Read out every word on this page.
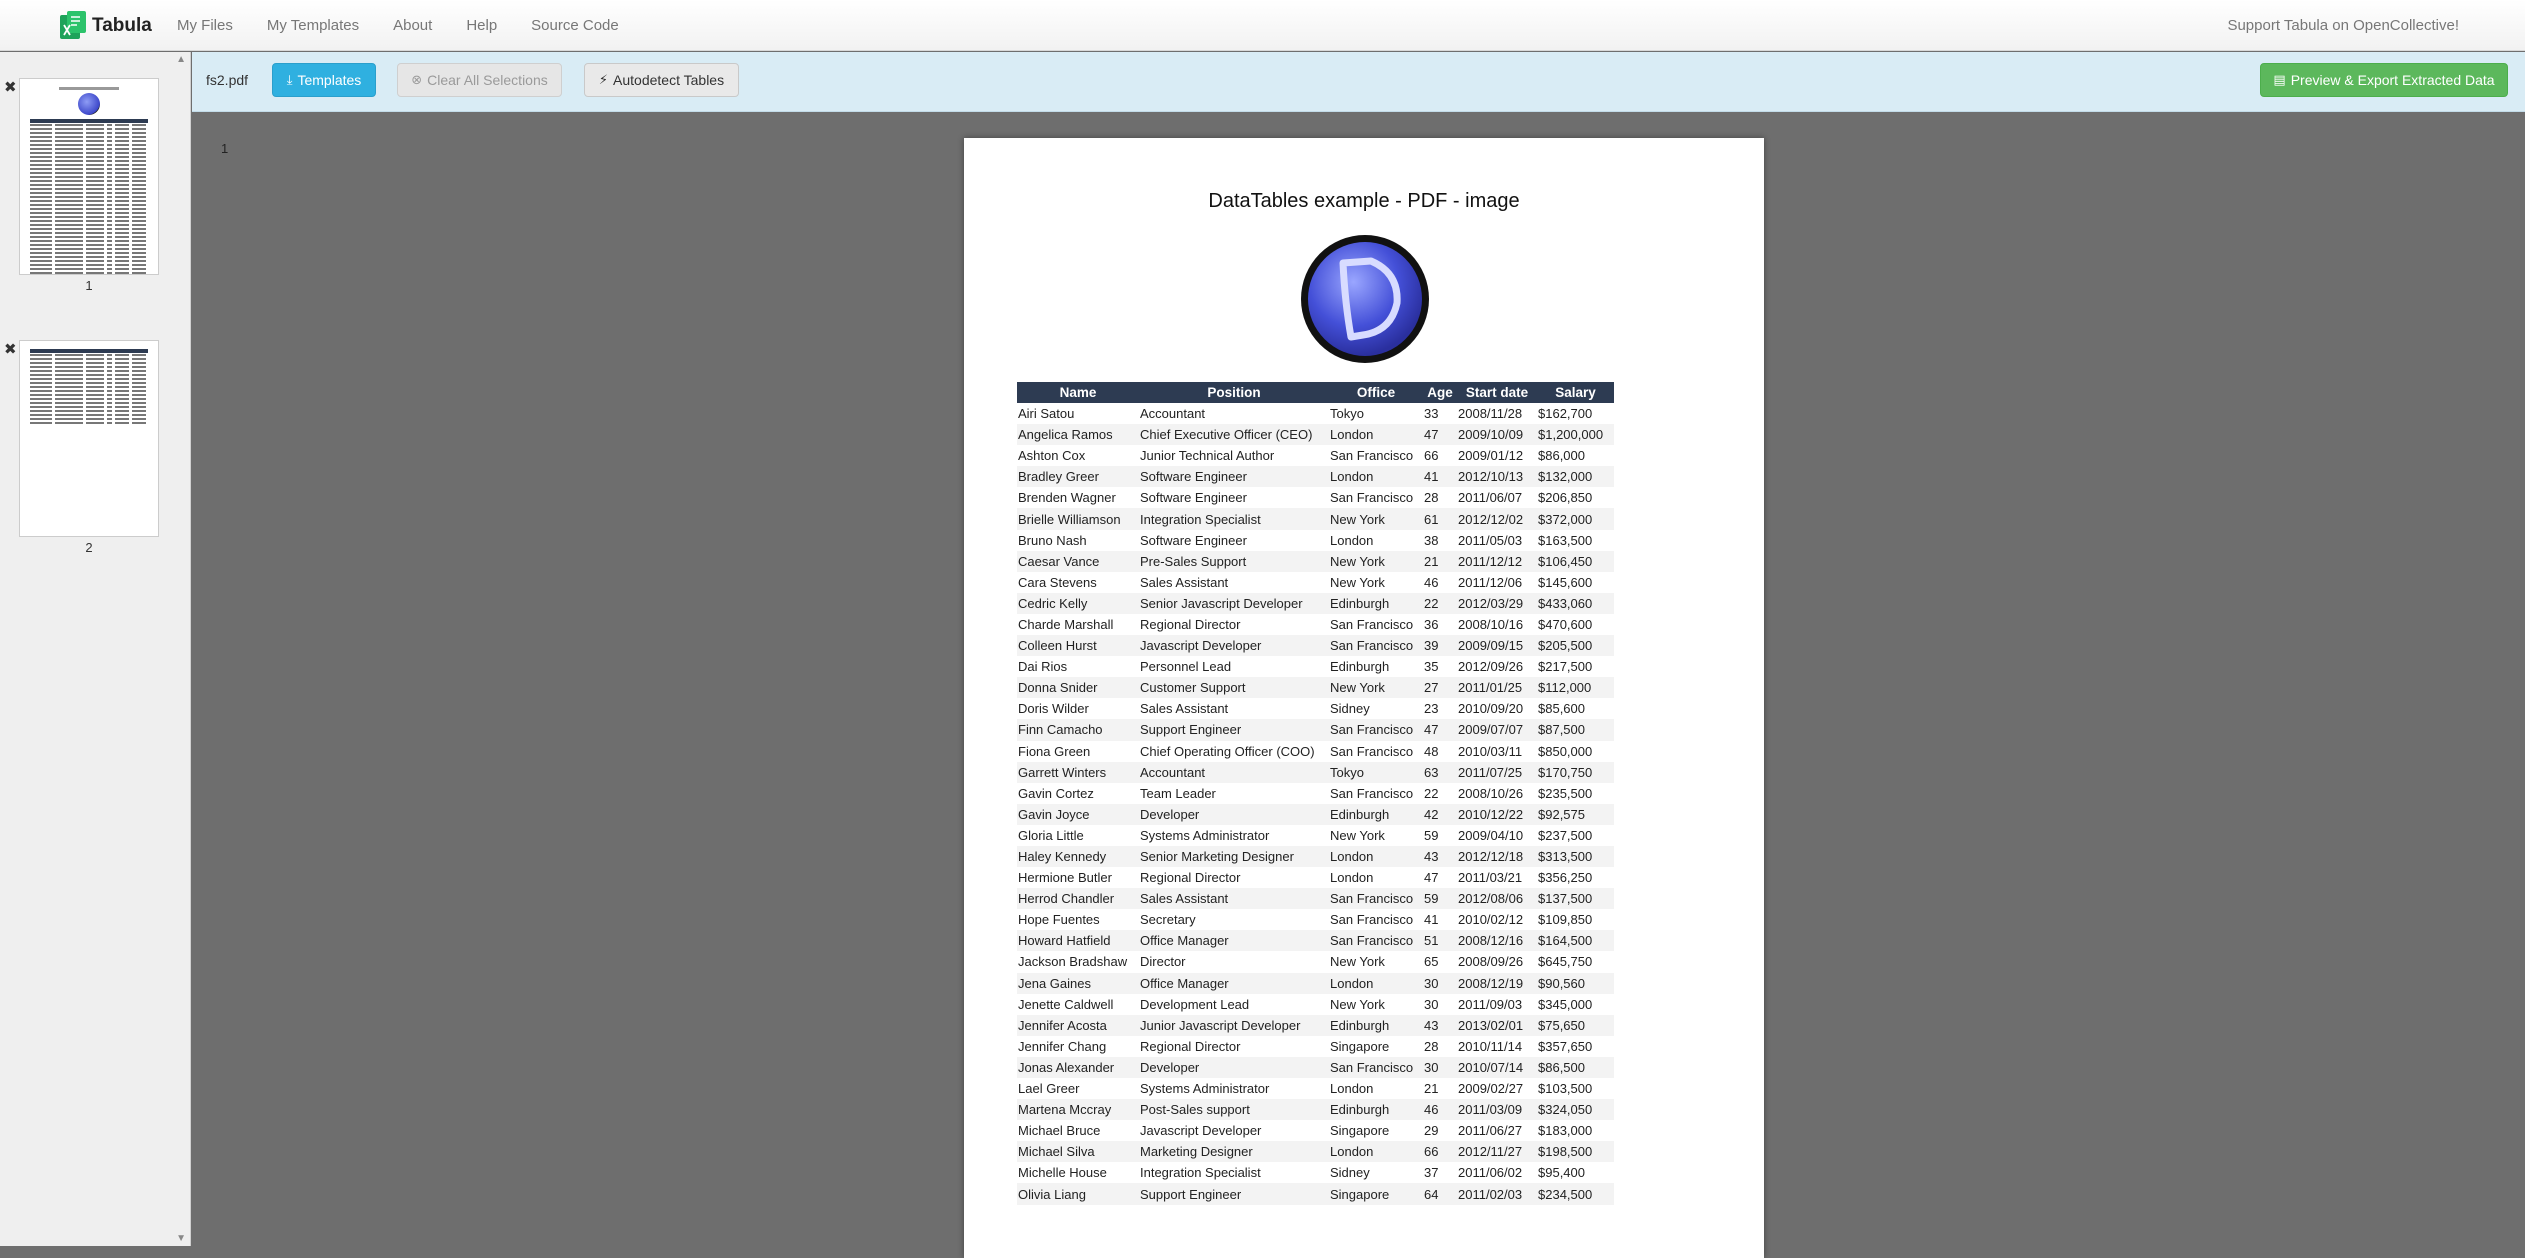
Tabula My Files My Templates About Help Source Code	Support Tabula on OpenCollective!
▲
✖
1
✖
2
▼
fs2.pdf	⤓ Templates	⊗ Clear All Selections	⚡ Autodetect Tables	▤ Preview & Export Extracted Data
1
DataTables example - PDF - image
Name	Position	Office	Age	Start date	Salary
Airi Satou	Accountant	Tokyo	33	2008/11/28	$162,700
Angelica Ramos	Chief Executive Officer (CEO)	London	47	2009/10/09	$1,200,000
Ashton Cox	Junior Technical Author	San Francisco	66	2009/01/12	$86,000
Bradley Greer	Software Engineer	London	41	2012/10/13	$132,000
Brenden Wagner	Software Engineer	San Francisco	28	2011/06/07	$206,850
Brielle Williamson	Integration Specialist	New York	61	2012/12/02	$372,000
Bruno Nash	Software Engineer	London	38	2011/05/03	$163,500
Caesar Vance	Pre-Sales Support	New York	21	2011/12/12	$106,450
Cara Stevens	Sales Assistant	New York	46	2011/12/06	$145,600
Cedric Kelly	Senior Javascript Developer	Edinburgh	22	2012/03/29	$433,060
Charde Marshall	Regional Director	San Francisco	36	2008/10/16	$470,600
Colleen Hurst	Javascript Developer	San Francisco	39	2009/09/15	$205,500
Dai Rios	Personnel Lead	Edinburgh	35	2012/09/26	$217,500
Donna Snider	Customer Support	New York	27	2011/01/25	$112,000
Doris Wilder	Sales Assistant	Sidney	23	2010/09/20	$85,600
Finn Camacho	Support Engineer	San Francisco	47	2009/07/07	$87,500
Fiona Green	Chief Operating Officer (COO)	San Francisco	48	2010/03/11	$850,000
Garrett Winters	Accountant	Tokyo	63	2011/07/25	$170,750
Gavin Cortez	Team Leader	San Francisco	22	2008/10/26	$235,500
Gavin Joyce	Developer	Edinburgh	42	2010/12/22	$92,575
Gloria Little	Systems Administrator	New York	59	2009/04/10	$237,500
Haley Kennedy	Senior Marketing Designer	London	43	2012/12/18	$313,500
Hermione Butler	Regional Director	London	47	2011/03/21	$356,250
Herrod Chandler	Sales Assistant	San Francisco	59	2012/08/06	$137,500
Hope Fuentes	Secretary	San Francisco	41	2010/02/12	$109,850
Howard Hatfield	Office Manager	San Francisco	51	2008/12/16	$164,500
Jackson Bradshaw	Director	New York	65	2008/09/26	$645,750
Jena Gaines	Office Manager	London	30	2008/12/19	$90,560
Jenette Caldwell	Development Lead	New York	30	2011/09/03	$345,000
Jennifer Acosta	Junior Javascript Developer	Edinburgh	43	2013/02/01	$75,650
Jennifer Chang	Regional Director	Singapore	28	2010/11/14	$357,650
Jonas Alexander	Developer	San Francisco	30	2010/07/14	$86,500
Lael Greer	Systems Administrator	London	21	2009/02/27	$103,500
Martena Mccray	Post-Sales support	Edinburgh	46	2011/03/09	$324,050
Michael Bruce	Javascript Developer	Singapore	29	2011/06/27	$183,000
Michael Silva	Marketing Designer	London	66	2012/11/27	$198,500
Michelle House	Integration Specialist	Sidney	37	2011/06/02	$95,400
Olivia Liang	Support Engineer	Singapore	64	2011/02/03	$234,500
